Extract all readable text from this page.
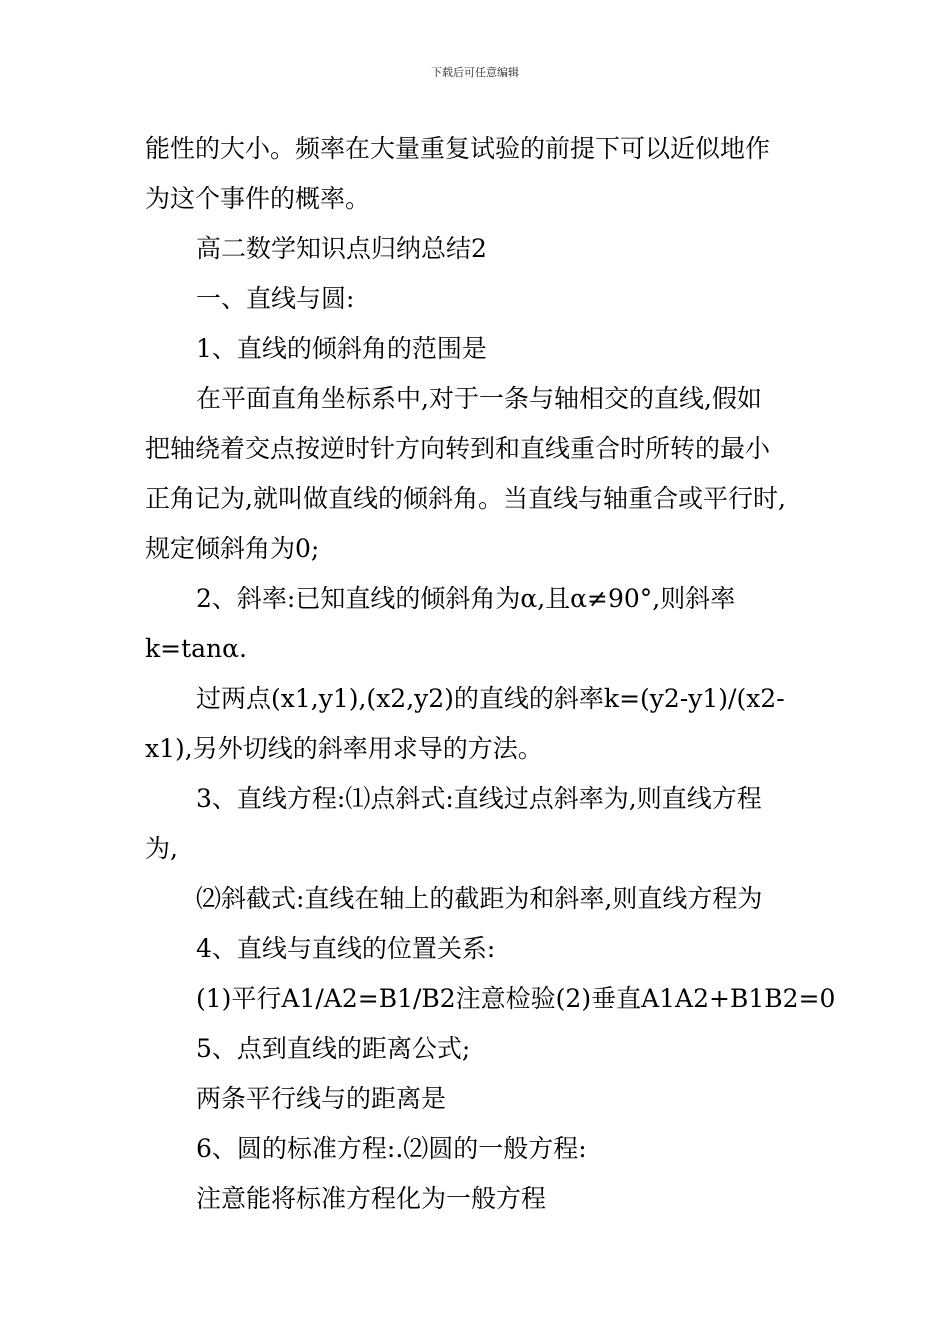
下载后可任意编辑
能性的大小。频率在大量重复试验的前提下可以近似地作
为这个事件的概率。
高二数学知识点归纳总结2
一、直线与圆:
1、直线的倾斜角的范围是
在平面直角坐标系中,对于一条与轴相交的直线,假如
把轴绕着交点按逆时针方向转到和直线重合时所转的最小
正角记为,就叫做直线的倾斜角。当直线与轴重合或平行时,
规定倾斜角为0;
2、斜率:已知直线的倾斜角为α,且α≠90°,则斜率
k=tanα.
过两点(x1,y1),(x2,y2)的直线的斜率k=(y2-y1)/(x2-
x1),另外切线的斜率用求导的方法。
3、直线方程:⑴点斜式:直线过点斜率为,则直线方程
为,
⑵斜截式:直线在轴上的截距为和斜率,则直线方程为
4、直线与直线的位置关系:
(1)平行A1/A2=B1/B2注意检验(2)垂直A1A2+B1B2=0
5、点到直线的距离公式;
两条平行线与的距离是
6、圆的标准方程:.⑵圆的一般方程:
注意能将标准方程化为一般方程
